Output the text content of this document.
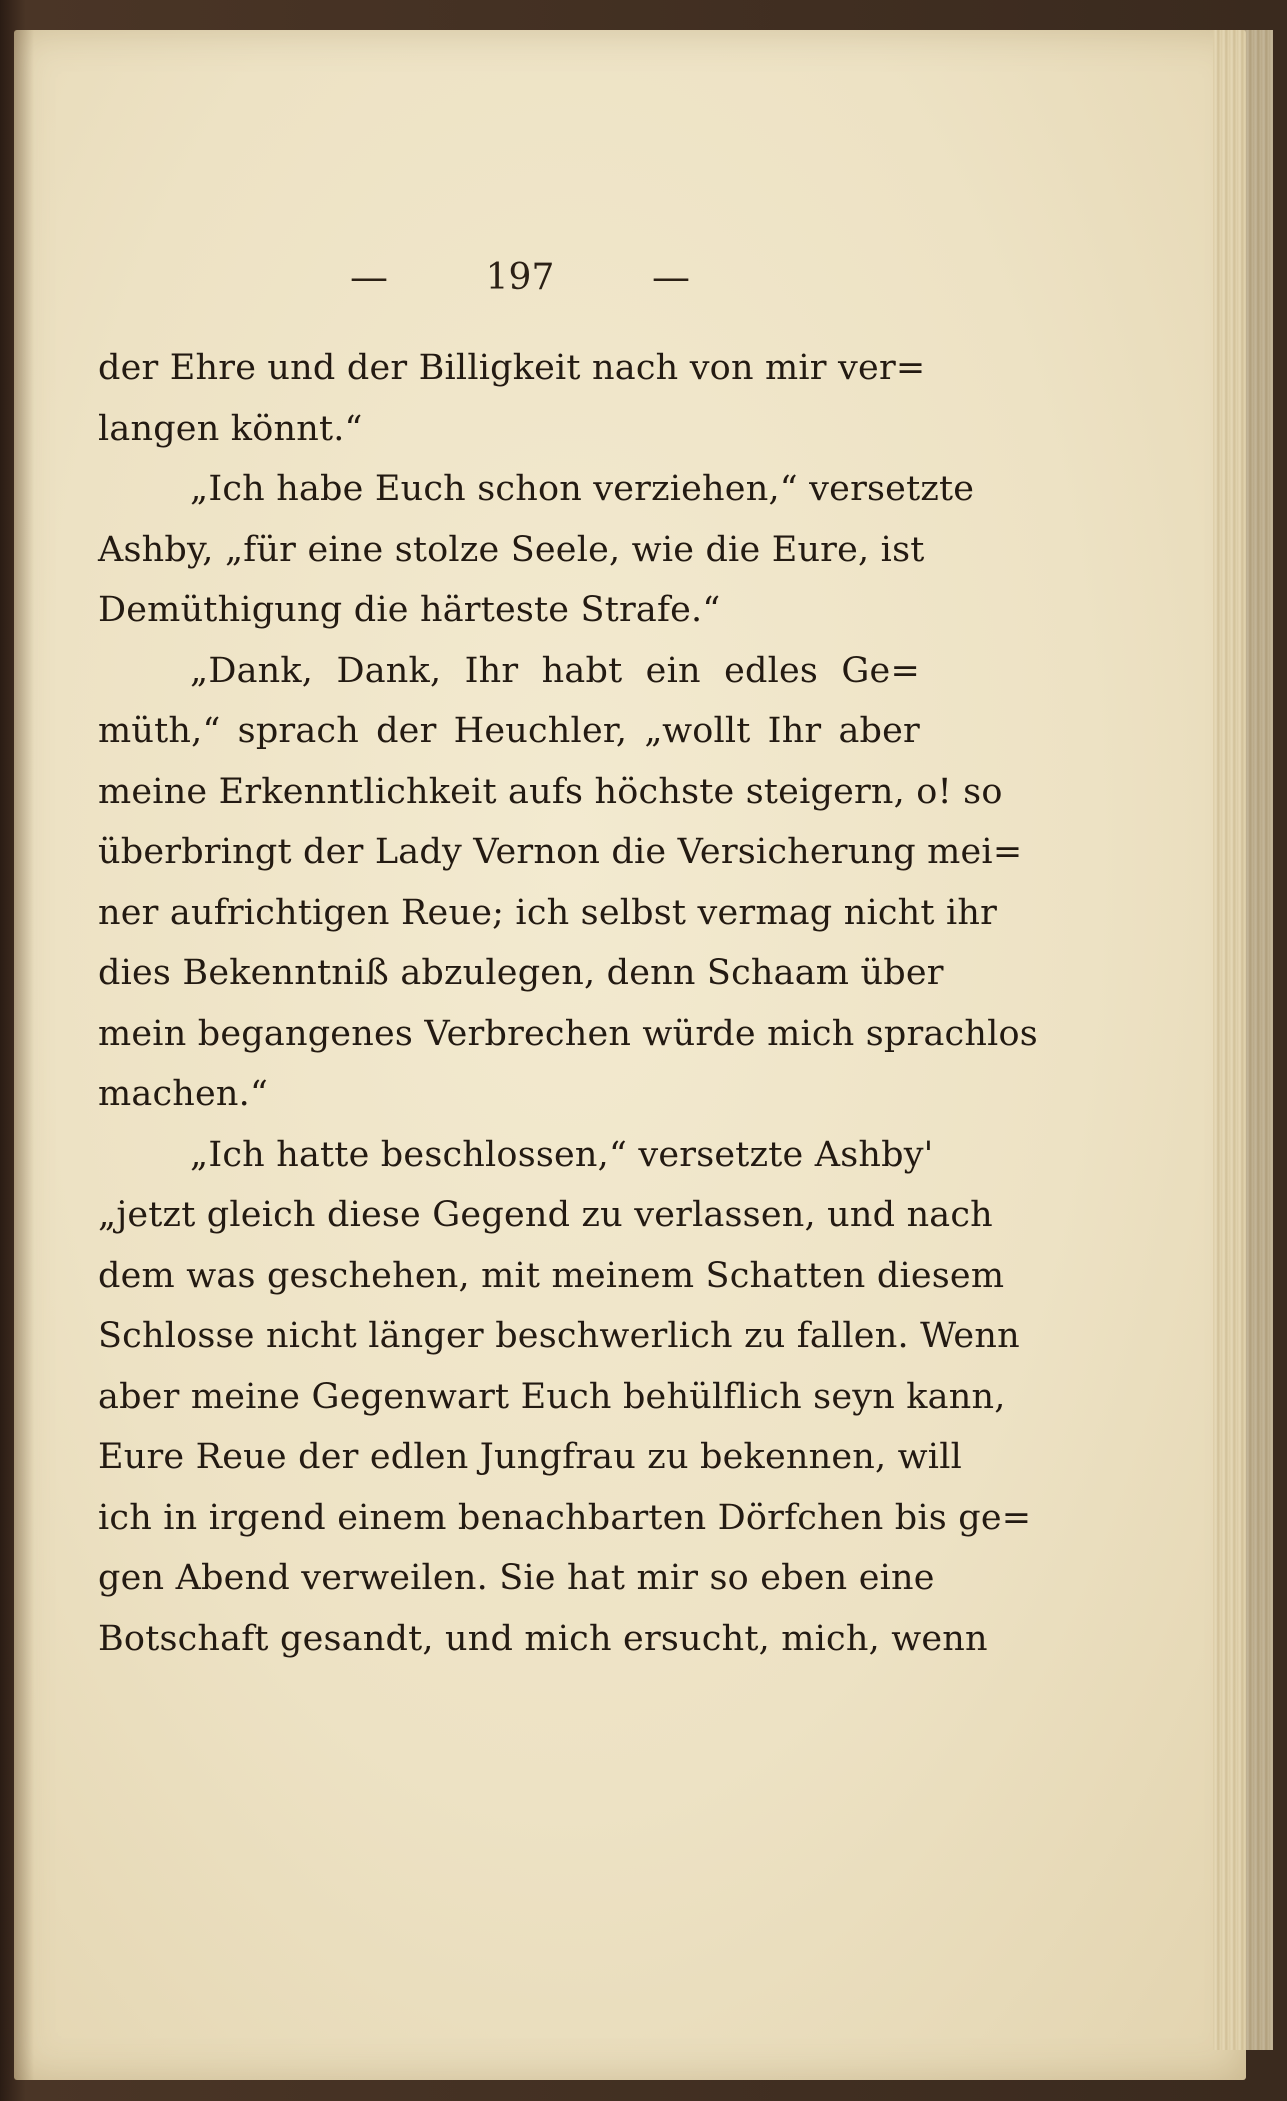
—	197	—
der Ehre und der Billigkeit nach von mir ver=
langen könnt.“
„Ich habe Euch schon verziehen,“ versetzte
Ashby, „für eine stolze Seele, wie die Eure, ist
Demüthigung die härteste Strafe.“
„Dank, Dank, Ihr habt ein edles Ge=
müth,“ sprach der Heuchler, „wollt Ihr aber
meine Erkenntlichkeit aufs höchste steigern, o! so
überbringt der Lady Vernon die Versicherung mei=
ner aufrichtigen Reue; ich selbst vermag nicht ihr
dies Bekenntniß abzulegen, denn Schaam über
mein begangenes Verbrechen würde mich sprachlos
machen.“
„Ich hatte beschlossen,“ versetzte Ashby'
„jetzt gleich diese Gegend zu verlassen, und nach
dem was geschehen, mit meinem Schatten diesem
Schlosse nicht länger beschwerlich zu fallen. Wenn
aber meine Gegenwart Euch behülflich seyn kann,
Eure Reue der edlen Jungfrau zu bekennen, will
ich in irgend einem benachbarten Dörfchen bis ge=
gen Abend verweilen. Sie hat mir so eben eine
Botschaft gesandt, und mich ersucht, mich, wenn
